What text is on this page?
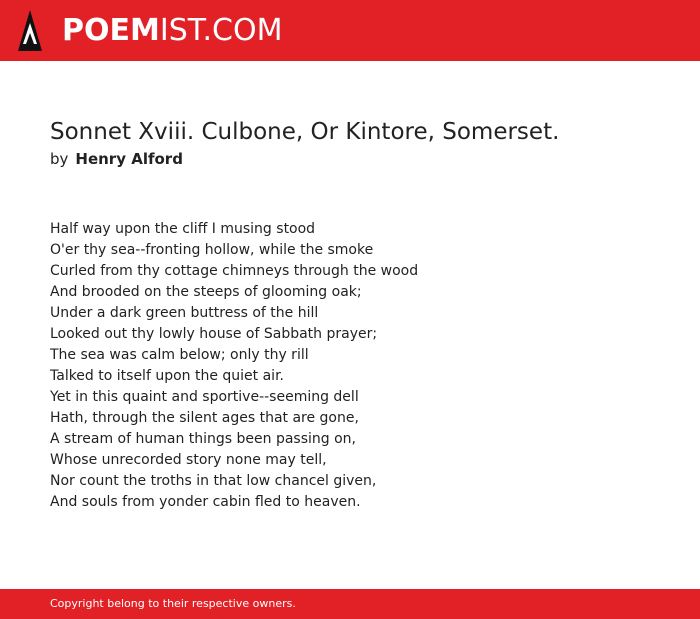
POEMIST.COM
Sonnet Xviii. Culbone, Or Kintore, Somerset.
by Henry Alford
Half way upon the cliff I musing stood
O'er thy sea--fronting hollow, while the smoke
Curled from thy cottage chimneys through the wood
And brooded on the steeps of glooming oak;
Under a dark green buttress of the hill
Looked out thy lowly house of Sabbath prayer;
The sea was calm below; only thy rill
Talked to itself upon the quiet air.
Yet in this quaint and sportive--seeming dell
Hath, through the silent ages that are gone,
A stream of human things been passing on,
Whose unrecorded story none may tell,
Nor count the troths in that low chancel given,
And souls from yonder cabin fled to heaven.
Copyright belong to their respective owners.
